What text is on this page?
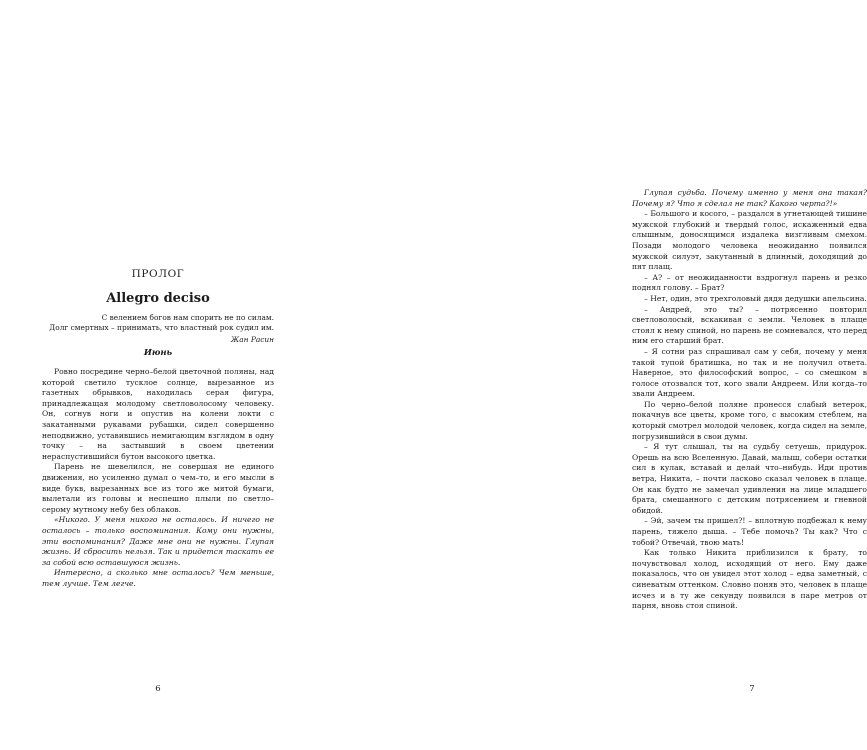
ПРОЛОГ
Allegro deciso

С велением богов нам спорить не по силам.

Долг смертных – принимать, что властный рок судил им.

Жан Расин

Июнь

Ровно посредине черно–белой цветочной поляны, над которой светило тусклое солнце, вырезанное из газетных обрывков, находилась серая фигура, принадлежащая молодому светловолосому человеку. Он, согнув ноги и опустив на колени локти с закатанными рукавами рубашки, сидел совершенно неподвижно, уставившись немигающим взглядом в одну точку – на застывший в своем цветении нераспустившийся бутон высокого цветка.

Парень не шевелился, не совершая не единого движения, но усиленно думал о чем–то, и его мысли в виде букв, вырезанных все из того же мятой бумаги, вылетали из головы и неспешно плыли по светло–серому мутному небу без облаков.

«Никого. У меня никого не осталось. И ничего не осталось – только воспоминания. Кому они нужны, эти воспоминания? Даже мне они не нужны. Глупая жизнь. И сбросить нельзя. Так и придется таскать ее за собой всю оставшуюся жизнь.

Интересно, а сколько мне осталось? Чем меньше, тем лучше. Тем легче.

6

Глупая судьба. Почему именно у меня она такая? Почему я? Что я сделал не так? Какого черта?!»

– Большого и косого, – раздался в угнетающей тишине мужской глубокий и твердый голос, искаженный едва слышным, доносящимся издалека визгливым смехом. Позади молодого человека неожиданно появился мужской силуэт, закутанный в длинный, доходящий до пят плащ.

– А? – от неожиданности вздрогнул парень и резко поднял голову. – Брат?

– Нет, один, это трехголовый дядя дедушки апельсина.

– Андрей, это ты? – потрясенно повторил светловолосый, вскакивая с земли. Человек в плаще стоял к нему спиной, но парень не сомневался, что перед ним его старший брат.

– Я сотни раз спрашивал сам у себя, почему у меня такой тупой братишка, но так и не получил ответа. Наверное, это философский вопрос, – со смешком в голосе отозвался тот, кого звали Андреем. Или когда–то звали Андреем.

По черно–белой поляне пронесся слабый ветерок, покачнув все цветы, кроме того, с высоким стеблем, на который смотрел молодой человек, когда сидел на земле, погрузившийся в свои думы.

– Я тут слышал, ты на судьбу сетуешь, придурок. Орешь на всю Вселенную. Давай, малыш, собери остатки сил в кулак, вставай и делай что–нибудь. Иди против ветра, Никита, – почти ласково сказал человек в плаще. Он как будто не замечал удивления на лице младшего брата, смешанного с детским потрясением и гневной обидой.

– Эй, зачем ты пришел?! – вплотную подбежал к нему парень, тяжело дыша. – Тебе помочь? Ты как? Что с тобой? Отвечай, твою мать!

Как только Никита приблизился к брату, то почувствовал холод, исходящий от него. Ему даже показалось, что он увидел этот холод – едва заметный, с синеватым оттенком. Словно поняв это, человек в плаще исчез и в ту же секунду появился в паре метров от парня, вновь стоя спиной.

7
